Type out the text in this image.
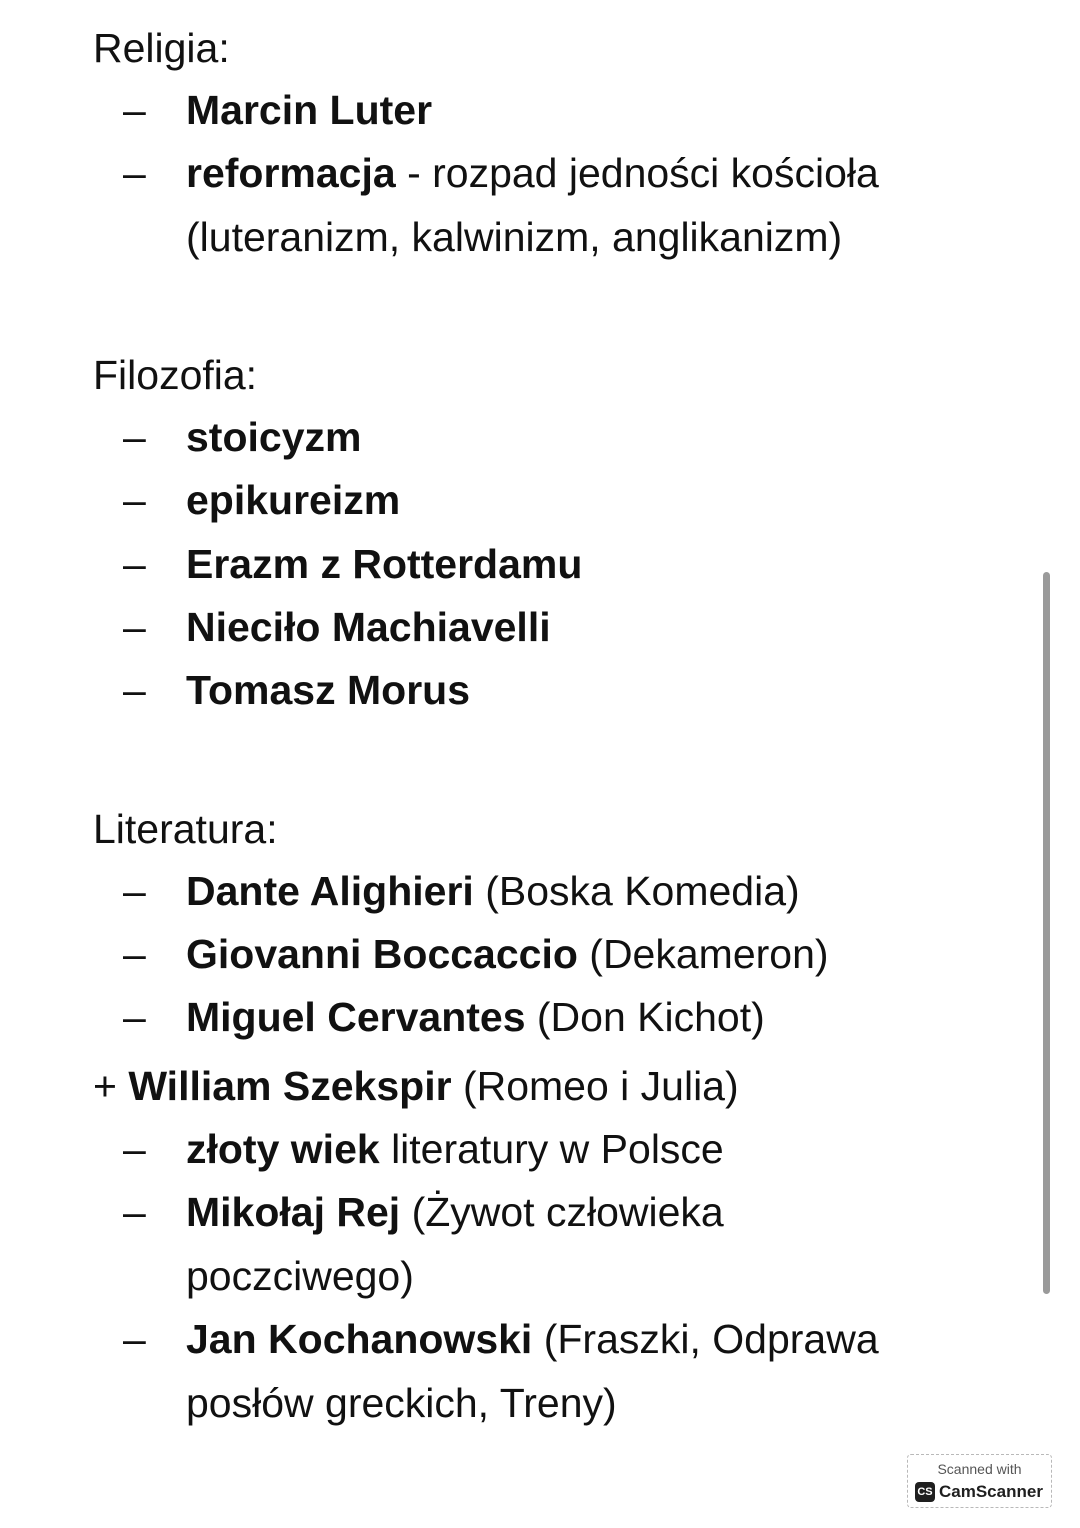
Religia:
– Marcin Luter
– reformacja - rozpad jedności kościoła (luteranizm, kalwinizm, anglikanizm)
Filozofia:
– stoicyzm
– epikureizm
– Erazm z Rotterdamu
– Nieciło Machiavelli
– Tomasz Morus
Literatura:
– Dante Alighieri (Boska Komedia)
– Giovanni Boccaccio (Dekameron)
– Miguel Cervantes (Don Kichot)
+ William Szekspir (Romeo i Julia)
– złoty wiek literatury w Polsce
– Mikołaj Rej (Żywot człowieka poczciwego)
– Jan Kochanowski (Fraszki, Odprawa posłów greckich, Treny)
Scanned with
CS CamScanner
